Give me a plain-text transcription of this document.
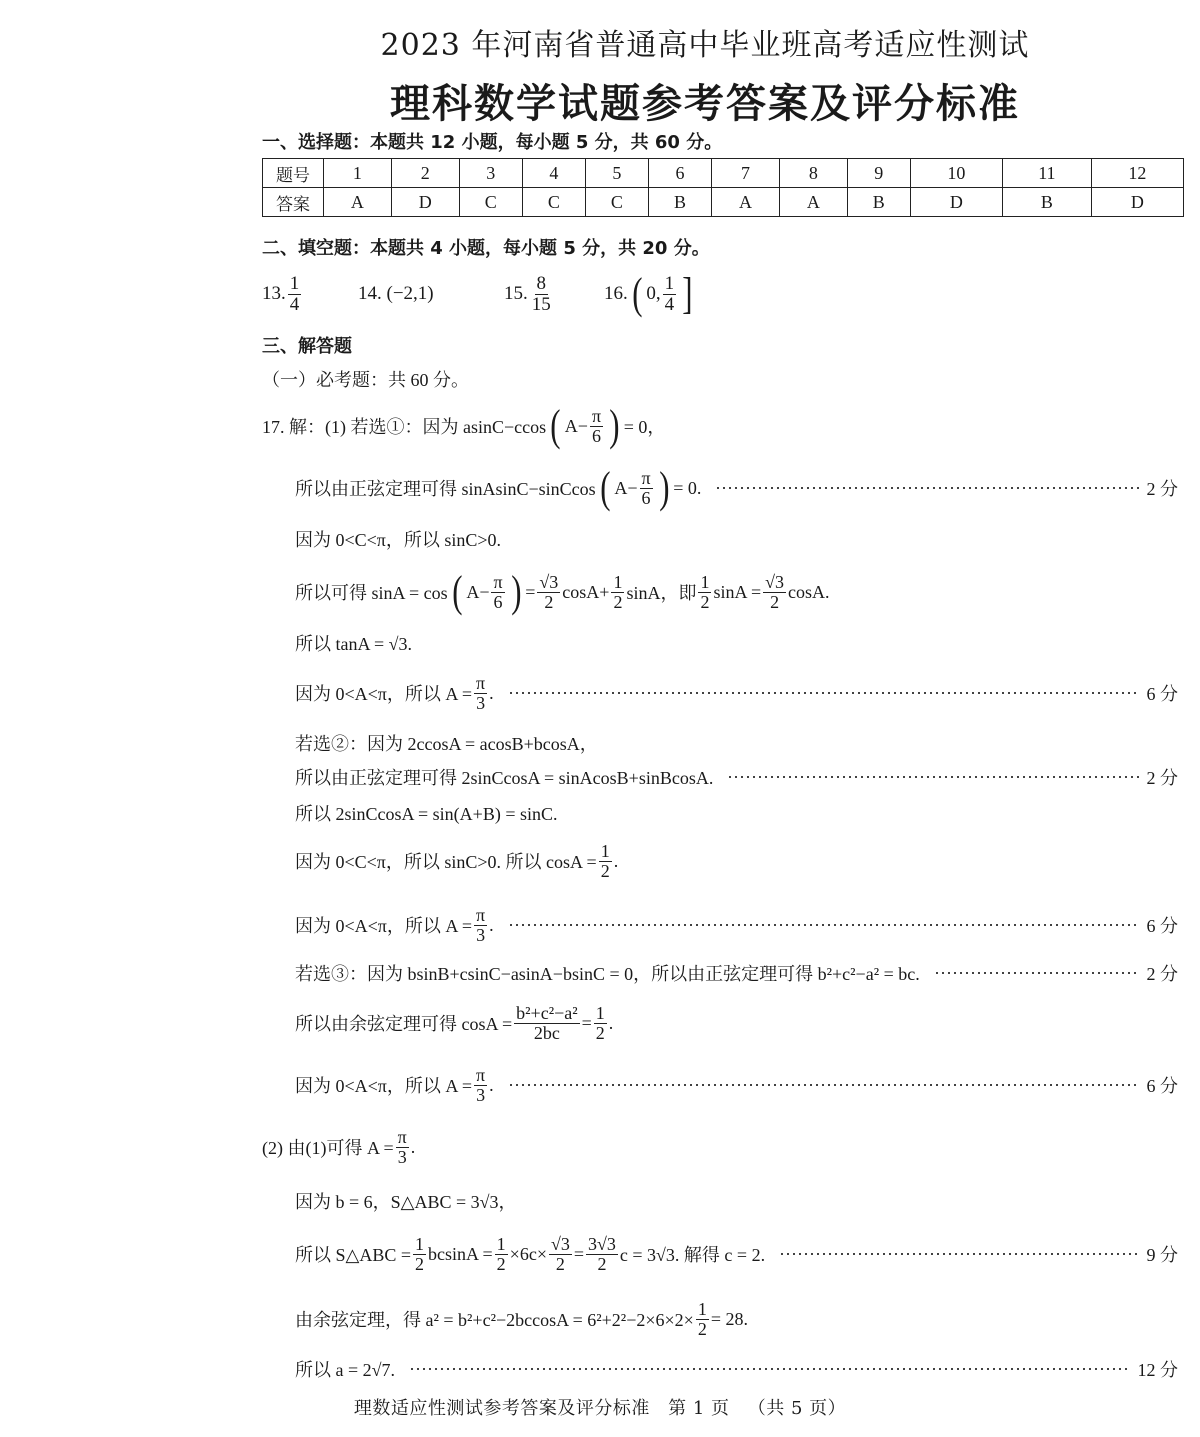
2023 年河南省普通高中毕业班高考适应性测试
理科数学试题参考答案及评分标准
一、选择题：本题共 12 小题，每小题 5 分，共 60 分。
题号	1	2	3	4	5	6	7	8	9	10	11	12
答案	A	D	C	C	C	B	A	A	B	D	B	D
二、填空题：本题共 4 小题，每小题 5 分，共 20 分。
13. $\frac{1}{4}$	14.
(−2,1)	15. $\frac{8}{15}$	16. ( 0, $\frac{1}{4}$ ]
三、解答题
（一）必考题：共 60 分。
17. 解：(1) 若选①：因为 asinC−ccos ( $A- \frac{\pi}{6}$ ) = 0，
所以由正弦定理可得 sinAsinC−sinCcos ( $A- \frac{\pi}{6}$ ) = 0.	2 分
因为 0<C<π，所以 sinC>0.
所以可得 sinA = cos ( $A- \frac{\pi}{6}$ ) = $\frac{√3}{2} \cos A+ \frac{1}{2}$ sinA，即 $\frac{1}{2}$ $\sin A = \frac{√3}{2} \cos A$.
所以 tanA = √3.
因为 0<A<π，所以 $A = \frac{\pi}{3}$ .	6 分
若选②：因为 2ccosA = acosB+bcosA，
所以由正弦定理可得 2sinCcosA = sinAcosB+sinBcosA.	2 分
所以 2sinCcosA = sin(A+B) = sinC.
因为 0<C<π，所以 sinC>0. 所以 $\cos A = \frac{1}{2}$ .
因为 0<A<π，所以 $A = \frac{\pi}{3}$ .	6 分
若选③：因为 bsinB+csinC−asinA−bsinC = 0，所以由正弦定理可得 b²+c²−a² = bc.	2 分
所以由余弦定理可得 $\cos A = \frac{\text{b²+c²−a²}}{2bc} = \frac{1}{2}$ .
因为 0<A<π，所以 $A = \frac{\pi}{3}$ .	6 分
(2) 由(1)可得 $A = \frac{\pi}{3}$ .
因为 b = 6，S△ABC = 3√3，
所以 S△ABC = $\frac{1}{2}$ $bcsinA = \frac{1}{2} \times 6c\times \frac{√3}{2} = \frac{3√3}{2}$ c = 3√3. 解得 c = 2.	9 分
由余弦定理，得 $a^2 = b^2+c^2-2bccosA = 6^2+2^2-2\times 6\times 2\times \frac{1}{2} = 28$.
所以 a = 2√7.	12 分
理数适应性测试参考答案及评分标准 第 1 页 （共 5 页）
